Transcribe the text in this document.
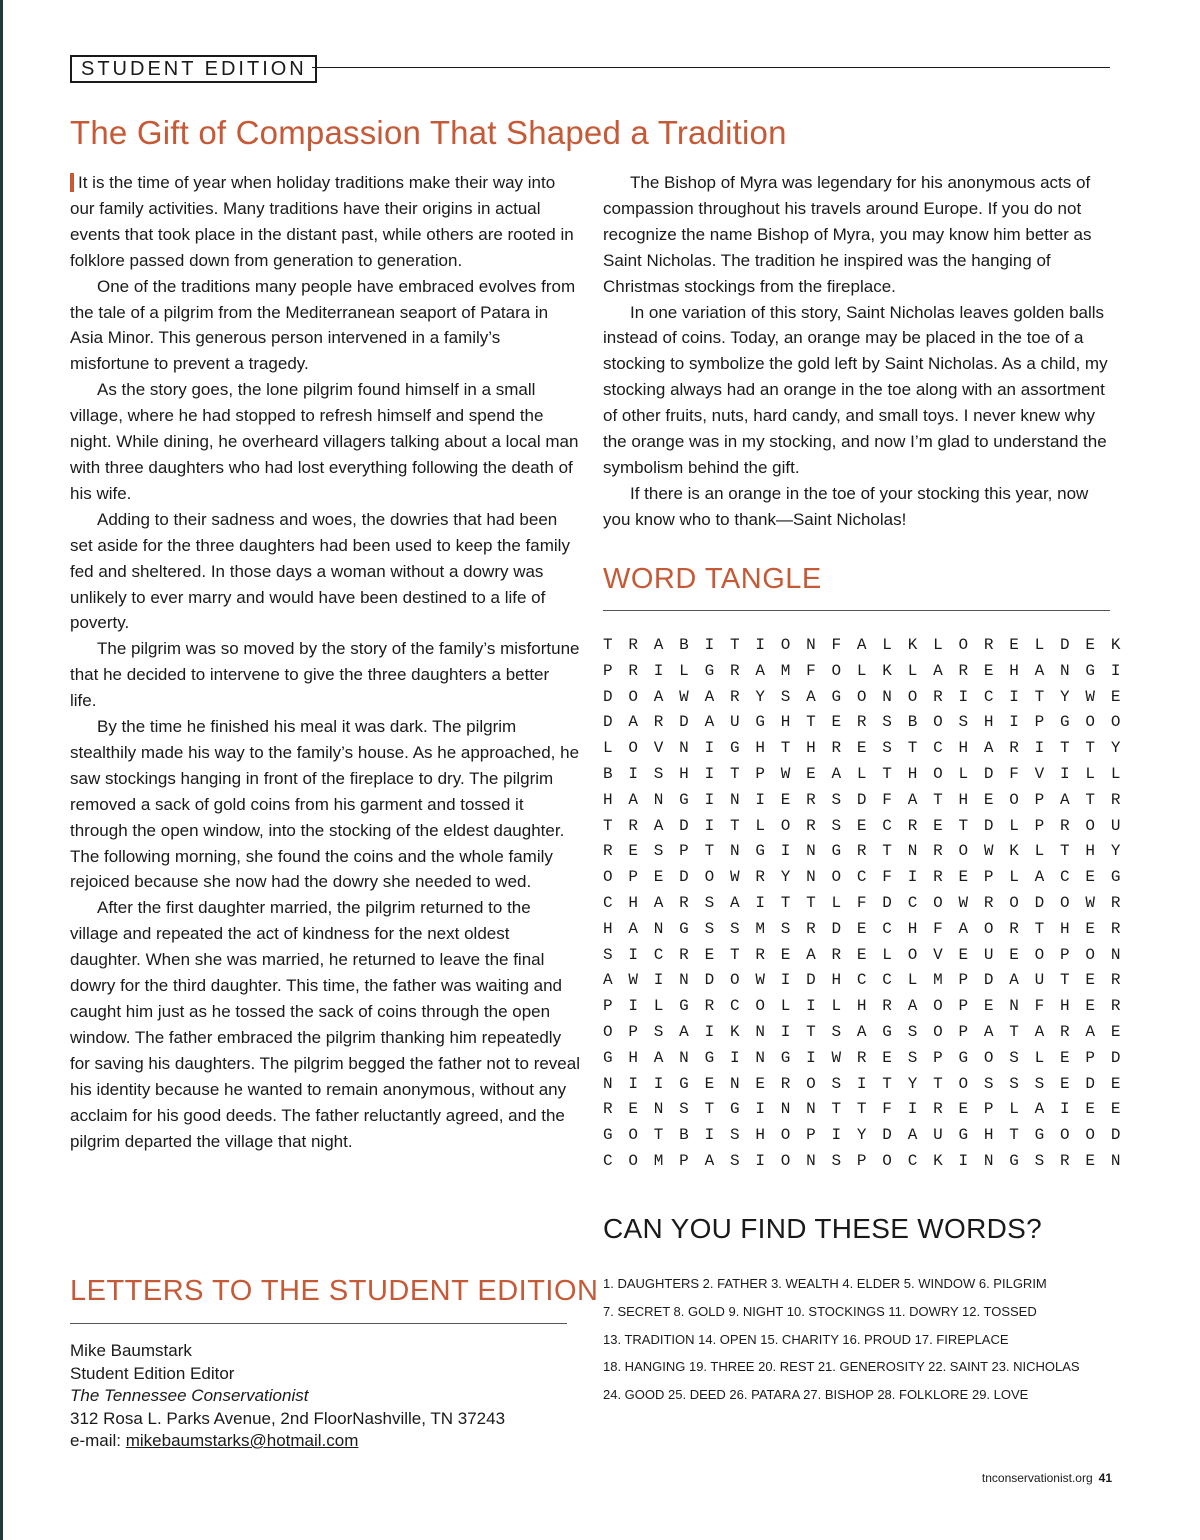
STUDENT EDITION
The Gift of Compassion That Shaped a Tradition

It is the time of year when holiday traditions make their way into our family activities. Many traditions have their origins in actual events that took place in the distant past, while others are rooted in folklore passed down from generation to generation.

One of the traditions many people have embraced evolves from the tale of a pilgrim from the Mediterranean seaport of Patara in Asia Minor. This generous person intervened in a family’s misfortune to prevent a tragedy.

As the story goes, the lone pilgrim found himself in a small village, where he had stopped to refresh himself and spend the night. While dining, he overheard villagers talking about a local man with three daughters who had lost everything following the death of his wife.

Adding to their sadness and woes, the dowries that had been set aside for the three daughters had been used to keep the family fed and sheltered. In those days a woman without a dowry was unlikely to ever marry and would have been destined to a life of poverty.

The pilgrim was so moved by the story of the family’s misfortune that he decided to intervene to give the three daughters a better life.

By the time he finished his meal it was dark. The pilgrim stealthily made his way to the family’s house. As he approached, he saw stockings hanging in front of the fireplace to dry. The pilgrim removed a sack of gold coins from his garment and tossed it through the open window, into the stocking of the eldest daughter. The following morning, she found the coins and the whole family rejoiced because she now had the dowry she needed to wed.

After the first daughter married, the pilgrim returned to the village and repeated the act of kindness for the next oldest daughter. When she was married, he returned to leave the final dowry for the third daughter. This time, the father was waiting and caught him just as he tossed the sack of coins through the open window. The father embraced the pilgrim thanking him repeatedly for saving his daughters. The pilgrim begged the father not to reveal his identity because he wanted to remain anonymous, without any acclaim for his good deeds. The father reluctantly agreed, and the pilgrim departed the village that night.

The Bishop of Myra was legendary for his anonymous acts of compassion throughout his travels around Europe. If you do not recognize the name Bishop of Myra, you may know him better as Saint Nicholas. The tradition he inspired was the hanging of Christmas stockings from the fireplace.

In one variation of this story, Saint Nicholas leaves golden balls instead of coins. Today, an orange may be placed in the toe of a stocking to symbolize the gold left by Saint Nicholas. As a child, my stocking always had an orange in the toe along with an assortment of other fruits, nuts, hard candy, and small toys. I never knew why the orange was in my stocking, and now I’m glad to understand the symbolism behind the gift.

If there is an orange in the toe of your stocking this year, now you know who to thank—Saint Nicholas!

WORD TANGLE
T R A B I T I O N F A L K L O R E L D E K
P R I L G R A M F O L K L A R E H A N G I
D O A W A R Y S A G O N O R I C I T Y W E
D A R D A U G H T E R S B O S H I P G O O
L O V N I G H T H R E S T C H A R I T T Y
B I S H I T P W E A L T H O L D F V I L L
H A N G I N I E R S D F A T H E O P A T R
T R A D I T L O R S E C R E T D L P R O U
R E S P T N G I N G R T N R O W K L T H Y
O P E D O W R Y N O C F I R E P L A C E G
C H A R S A I T T L F D C O W R O D O W R
H A N G S S M S R D E C H F A O R T H E R
S I C R E T R E A R E L O V E U E O P O N
A W I N D O W I D H C C L M P D A U T E R
P I L G R C O L I L H R A O P E N F H E R
O P S A I K N I T S A G S O P A T A R A E
G H A N G I N G I W R E S P G O S L E P D
N I I G E N E R O S I T Y T O S S S E D E
R E N S T G I N N T T F I R E P L A I E E
G O T B I S H O P I Y D A U G H T G O O D
C O M P A S I O N S P O C K I N G S R E N
CAN YOU FIND THESE WORDS?
1. DAUGHTERS 2. FATHER 3. WEALTH 4. ELDER 5. WINDOW 6. PILGRIM
7. SECRET 8. GOLD 9. NIGHT 10. STOCKINGS 11. DOWRY 12. TOSSED
13. TRADITION 14. OPEN 15. CHARITY 16. PROUD 17. FIREPLACE
18. HANGING 19. THREE 20. REST 21. GENEROSITY 22. SAINT 23. NICHOLAS
24. GOOD 25. DEED 26. PATARA 27. BISHOP 28. FOLKLORE 29. LOVE
LETTERS TO THE STUDENT EDITION
Mike Baumstark
Student Edition Editor
The Tennessee Conservationist
312 Rosa L. Parks Avenue, 2nd FloorNashville, TN 37243
e-mail: mikebaumstarks@hotmail.com
tnconservationist.org 41
